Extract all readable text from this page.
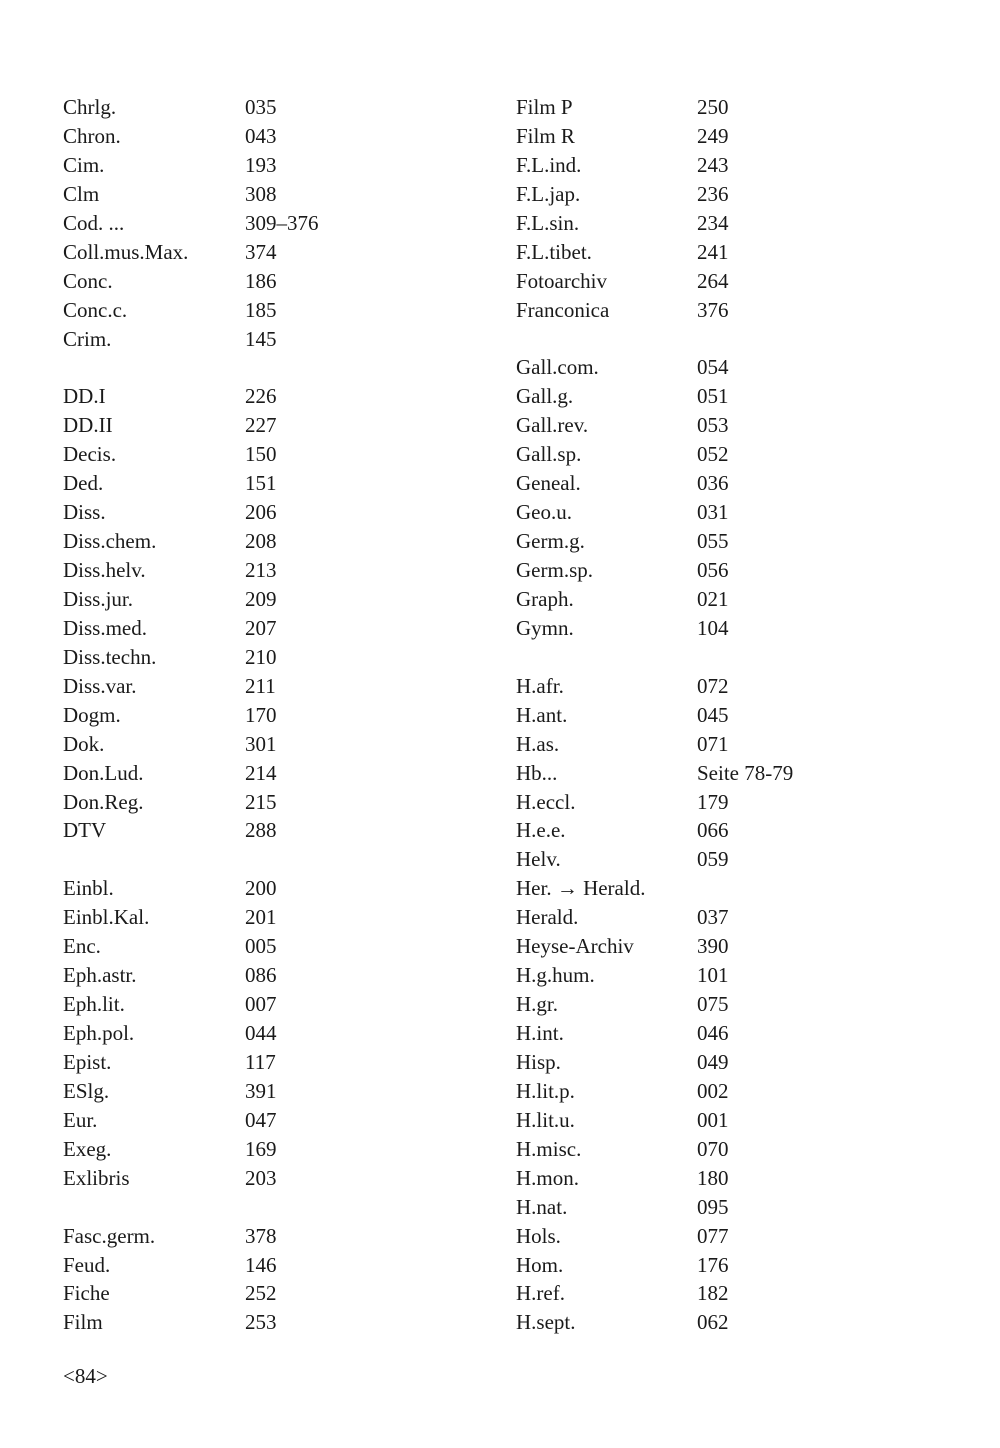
Chrlg.	035
Chron.	043
Cim.	193
Clm	308
Cod. ...	309–376
Coll.mus.Max.	374
Conc.	186
Conc.c.	185
Crim.	145
DD.I	226
DD.II	227
Decis.	150
Ded.	151
Diss.	206
Diss.chem.	208
Diss.helv.	213
Diss.jur.	209
Diss.med.	207
Diss.techn.	210
Diss.var.	211
Dogm.	170
Dok.	301
Don.Lud.	214
Don.Reg.	215
DTV	288
Einbl.	200
Einbl.Kal.	201
Enc.	005
Eph.astr.	086
Eph.lit.	007
Eph.pol.	044
Epist.	117
ESlg.	391
Eur.	047
Exeg.	169
Exlibris	203
Fasc.germ.	378
Feud.	146
Fiche	252
Film	253
Film P	250
Film R	249
F.L.ind.	243
F.L.jap.	236
F.L.sin.	234
F.L.tibet.	241
Fotoarchiv	264
Franconica	376
Gall.com.	054
Gall.g.	051
Gall.rev.	053
Gall.sp.	052
Geneal.	036
Geo.u.	031
Germ.g.	055
Germ.sp.	056
Graph.	021
Gymn.	104
H.afr.	072
H.ant.	045
H.as.	071
Hb...	Seite 78-79
H.eccl.	179
H.e.e.	066
Helv.	059
Her. → Herald.
Herald.	037
Heyse-Archiv	390
H.g.hum.	101
H.gr.	075
H.int.	046
Hisp.	049
H.lit.p.	002
H.lit.u.	001
H.misc.	070
H.mon.	180
H.nat.	095
Hols.	077
Hom.	176
H.ref.	182
H.sept.	062
<84>
